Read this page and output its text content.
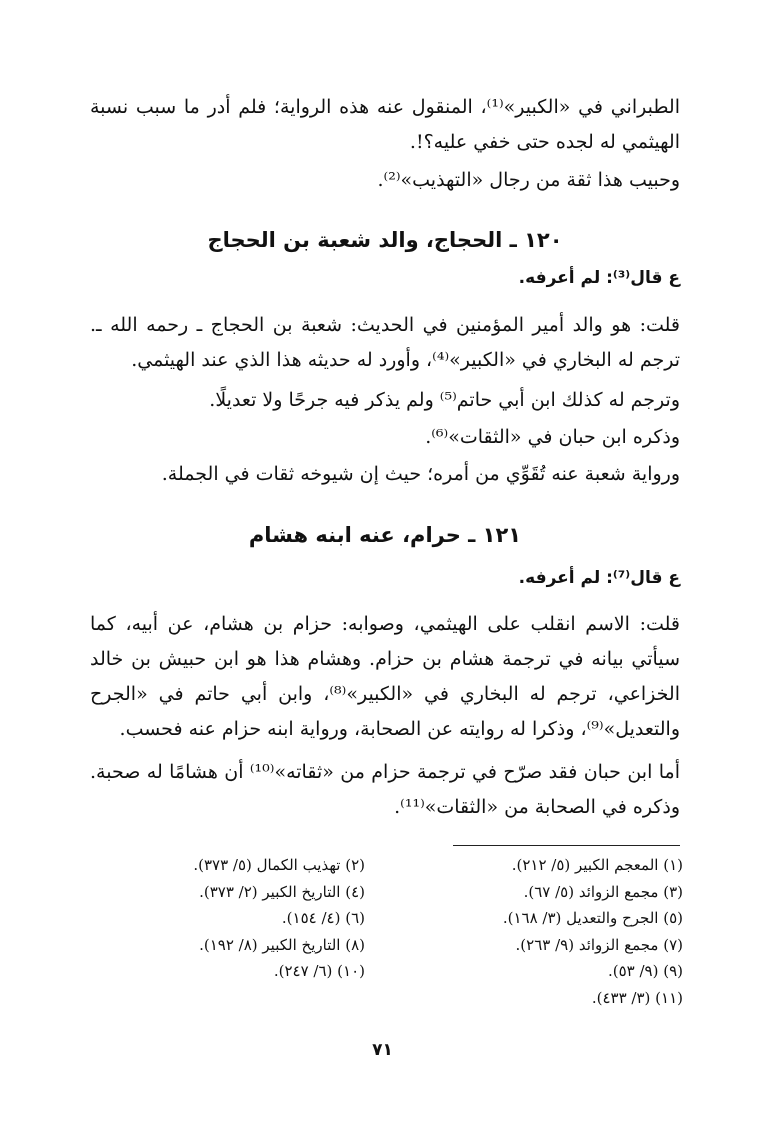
الطبراني في «الكبير»⁽¹⁾، المنقول عنه هذه الرواية؛ فلم أدر ما سبب نسبة الهيثمي له لجده حتى خفي عليه؟!.
وحبيب هذا ثقة من رجال «التهذيب»⁽²⁾.
١٢٠ ـ الحجاج، والد شعبة بن الحجاج
ع قال⁽³⁾: لم أعرفه.
قلت: هو والد أمير المؤمنين في الحديث: شعبة بن الحجاج ـ رحمه الله ـ. ترجم له البخاري في «الكبير»⁽⁴⁾، وأورد له حديثه هذا الذي عند الهيثمي.
وترجم له كذلك ابن أبي حاتم⁽⁵⁾ ولم يذكر فيه جرحًا ولا تعديلًا.
وذكره ابن حبان في «الثقات»⁽⁶⁾.
ورواية شعبة عنه تُقَوِّي من أمره؛ حيث إن شيوخه ثقات في الجملة.
١٢١ ـ حرام، عنه ابنه هشام
ع قال⁽⁷⁾: لم أعرفه.
قلت: الاسم انقلب على الهيثمي، وصوابه: حزام بن هشام، عن أبيه، كما سيأتي بيانه في ترجمة هشام بن حزام. وهشام هذا هو ابن حبيش بن خالد الخزاعي، ترجم له البخاري في «الكبير»⁽⁸⁾، وابن أبي حاتم في «الجرح والتعديل»⁽⁹⁾، وذكرا له روايته عن الصحابة، ورواية ابنه حزام عنه فحسب.
أما ابن حبان فقد صرّح في ترجمة حزام من «ثقاته»⁽¹⁰⁾ أن هشامًا له صحبة. وذكره في الصحابة من «الثقات»⁽¹¹⁾.
(١) المعجم الكبير (٥/ ٢١٢).
(٣) مجمع الزوائد (٥/ ٦٧).
(٥) الجرح والتعديل (٣/ ١٦٨).
(٧) مجمع الزوائد (٩/ ٢٦٣).
(٩) (٩/ ٥٣).
(١١) (٣/ ٤٣٣).
(٢) تهذيب الكمال (٥/ ٣٧٣).
(٤) التاريخ الكبير (٢/ ٣٧٣).
(٦) (٤/ ١٥٤).
(٨) التاريخ الكبير (٨/ ١٩٢).
(١٠) (٦/ ٢٤٧).
٧١
